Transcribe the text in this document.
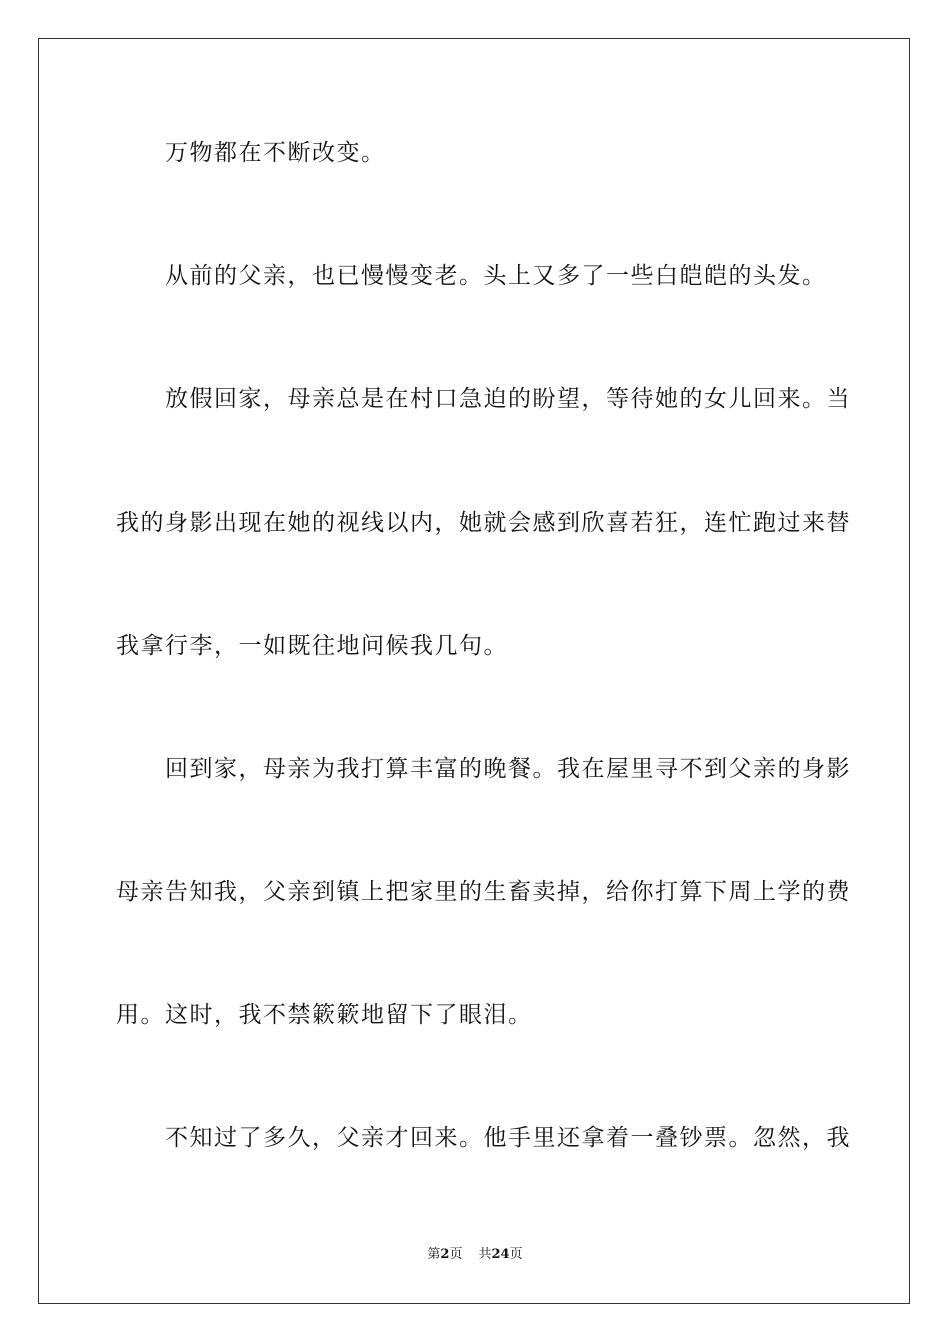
万物都在不断改变。
从前的父亲，也已慢慢变老。头上又多了一些白皑皑的头发。
放假回家，母亲总是在村口急迫的盼望，等待她的女儿回来。当
我的身影出现在她的视线以内，她就会感到欣喜若狂，连忙跑过来替
我拿行李，一如既往地问候我几句。
回到家，母亲为我打算丰富的晚餐。我在屋里寻不到父亲的身影
母亲告知我，父亲到镇上把家里的生畜卖掉，给你打算下周上学的费
用。这时，我不禁簌簌地留下了眼泪。
不知过了多久，父亲才回来。他手里还拿着一叠钞票。忽然，我
第2页 共24页
